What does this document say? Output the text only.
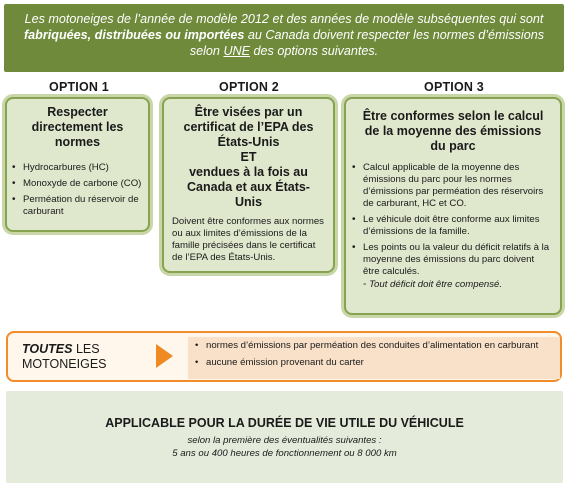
Les motoneiges de l’année de modèle 2012 et des années de modèle subséquentes qui sont
fabriquées, distribuées ou importées au Canada doivent respecter les normes d’émissions
selon UNE des options suivantes.
OPTION 1	OPTION 2	OPTION 3
Respecter directement les normes
• Hydrocarbures (HC)
• Monoxyde de carbone (CO)
• Perméation du réservoir de carburant
Être visées par un certificat de l’EPA des États-Unis
ET
vendues à la fois au Canada et aux États-Unis

Doivent être conformes aux normes ou aux limites d’émissions de la famille précisées dans le certificat de l’EPA des États-Unis.

Être conformes selon le calcul de la moyenne des émissions du parc
• Calcul applicable de la moyenne des émissions du parc pour les normes d’émissions par perméation des réservoirs de carburant, HC et CO.
• Le véhicule doit être conforme aux limites d’émissions de la famille.
• Les points ou la valeur du déficit relatifs à la moyenne des émissions du parc doivent être calculés.

◦ Tout déficit doit être compensé.

TOUTES LES
MOTONEIGES
• normes d’émissions par perméation des conduites d’alimentation en carburant
• aucune émission provenant du carter
APPLICABLE POUR LA DURÉE DE VIE UTILE DU VÉHICULE
selon la première des éventualités suivantes :
5 ans ou 400 heures de fonctionnement ou 8 000 km
